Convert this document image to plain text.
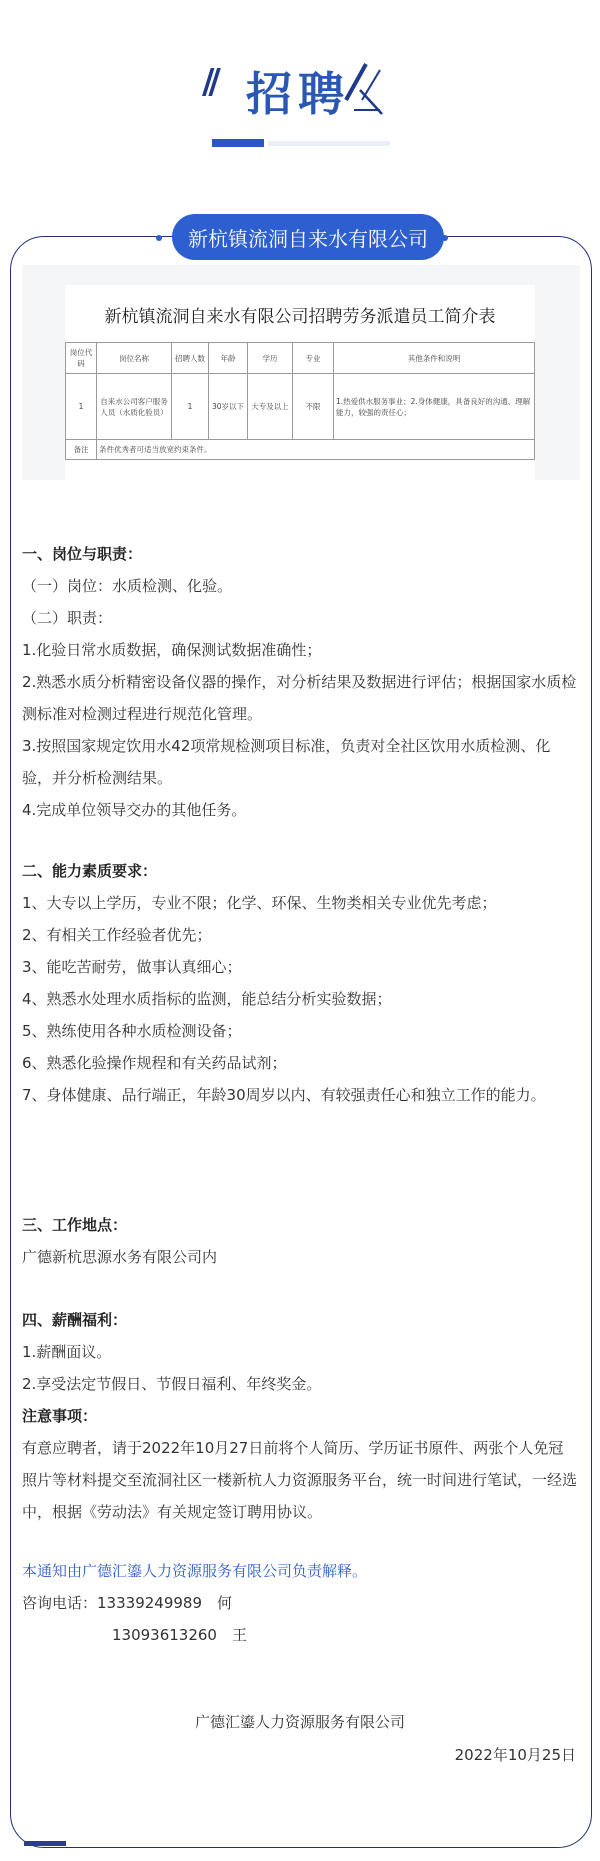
// 招聘
新杭镇流洞自来水有限公司
新杭镇流洞自来水有限公司招聘劳务派遣员工简介表
岗位代码	岗位名称	招聘人数	年龄	学历	专业	其他条件和说明
1	自来水公司客户服务人员（水质化验员）	1	30岁以下	大专及以上	不限	1.热爱供水服务事业；2.身体健康，具备良好的沟通、理解能力，较强的责任心；
备注	条件优秀者可适当放宽约束条件。					

一、岗位与职责：

（一）岗位：水质检测、化验。

（二）职责：

1.化验日常水质数据，确保测试数据准确性；

2.熟悉水质分析精密设备仪器的操作，对分析结果及数据进行评估；根据国家水质检测标准对检测过程进行规范化管理。

3.按照国家规定饮用水42项常规检测项目标准，负责对全社区饮用水质检测、化验，并分析检测结果。

4.完成单位领导交办的其他任务。

二、能力素质要求：

1、大专以上学历，专业不限；化学、环保、生物类相关专业优先考虑；

2、有相关工作经验者优先；

3、能吃苦耐劳，做事认真细心；

4、熟悉水处理水质指标的监测，能总结分析实验数据；

5、熟练使用各种水质检测设备；

6、熟悉化验操作规程和有关药品试剂；

7、身体健康、品行端正，年龄30周岁以内、有较强责任心和独立工作的能力。

三、工作地点：

广德新杭思源水务有限公司内

四、薪酬福利：

1.薪酬面议。

2.享受法定节假日、节假日福利、年终奖金。

注意事项：

有意应聘者，请于2022年10月27日前将个人简历、学历证书原件、两张个人免冠照片等材料提交至流洞社区一楼新杭人力资源服务平台，统一时间进行笔试，一经选中，根据《劳动法》有关规定签订聘用协议。

本通知由广德汇鎏人力资源服务有限公司负责解释。

咨询电话：13339249989　何

13093613260　王

广德汇鎏人力资源服务有限公司
2022年10月25日
